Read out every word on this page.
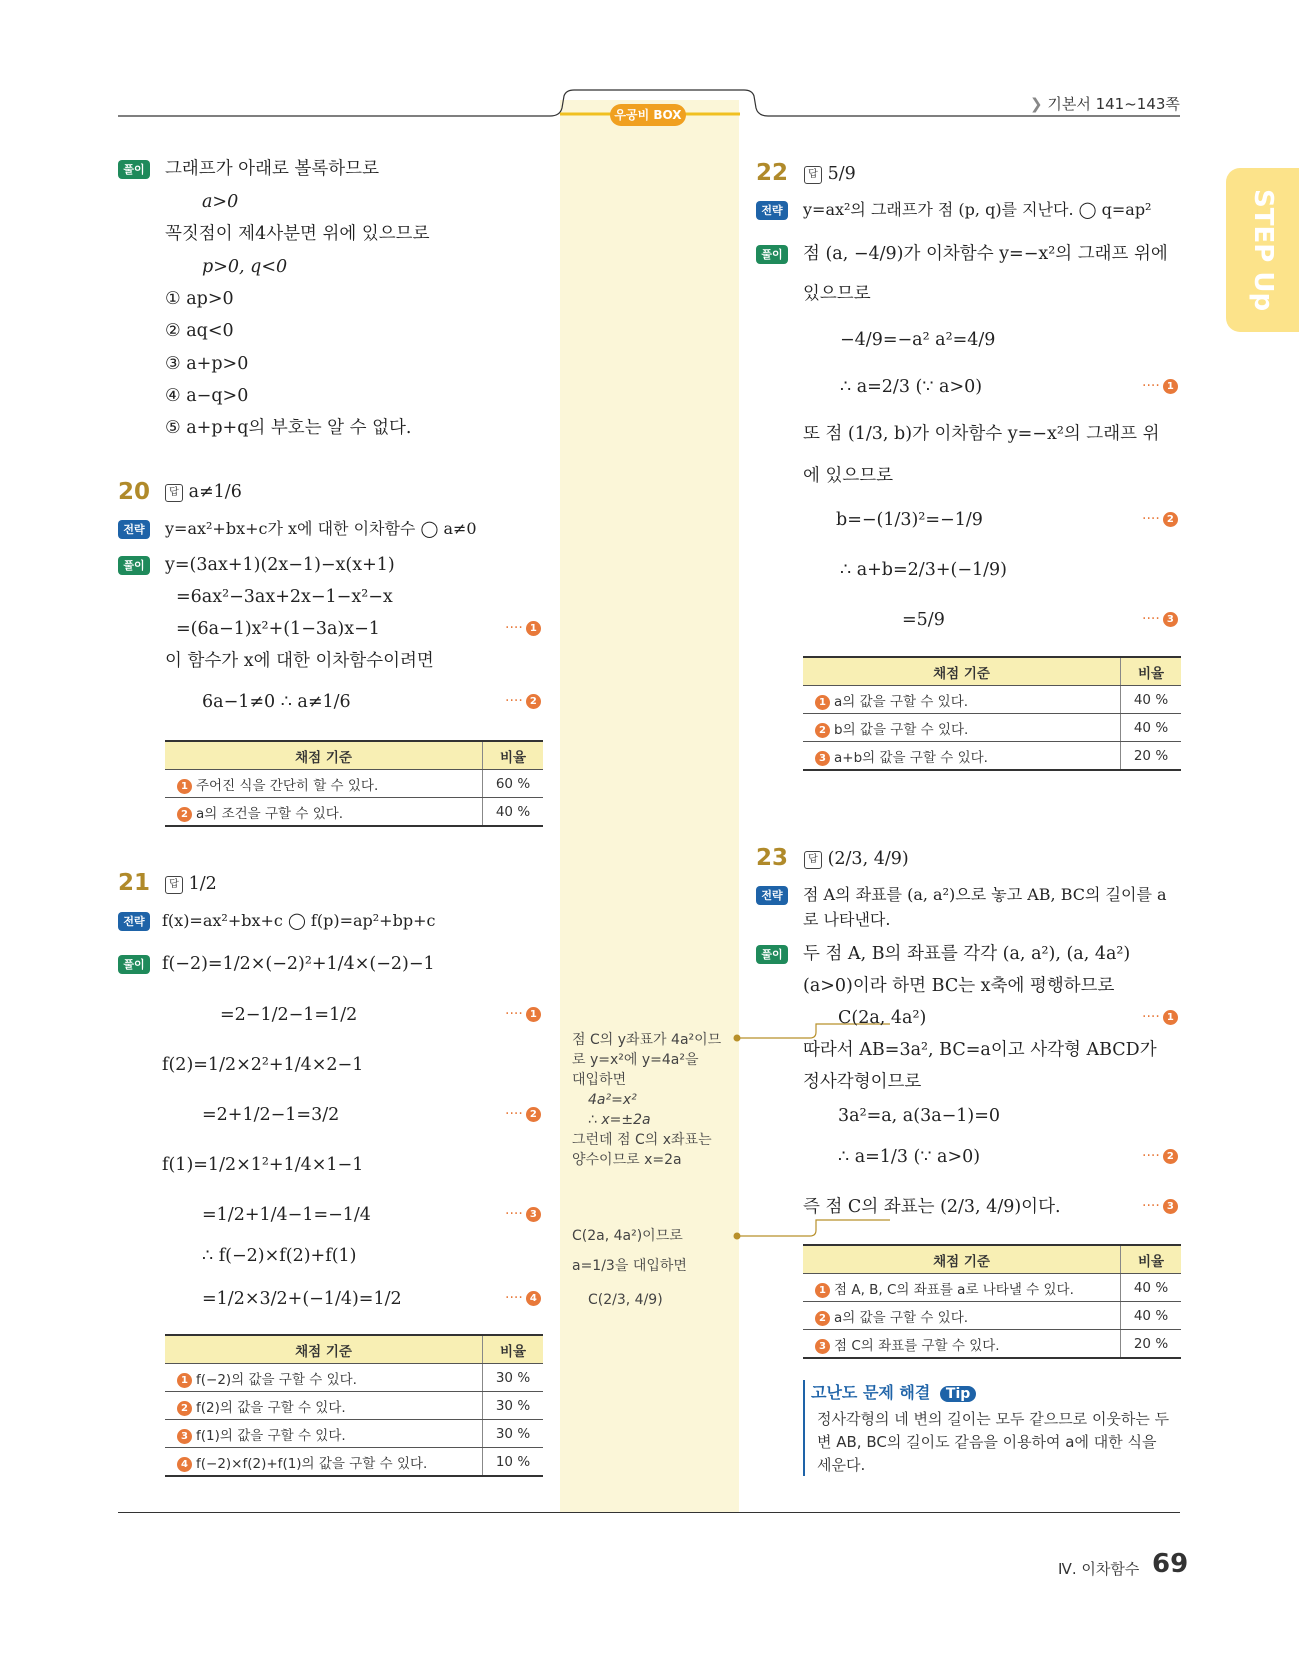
우공비 BOX
❯ 기본서 141~143쪽
STEP Up
풀이	그래프가 아래로 볼록하므로
a>0
꼭짓점이 제4사분면 위에 있으므로
p>0, q<0
① ap>0
② aq<0
③ a+p>0
④ a−q>0
⑤ a+p+q의 부호는 알 수 없다.
20	답 a≠1/6
전략	y=ax²+bx+c가 x에 대한 이차함수 ◯ a≠0
풀이	y=(3ax+1)(2x−1)−x(x+1)
=6ax²−3ax+2x−1−x²−x
=(6a−1)x²+(1−3a)x−1	···· 1
이 함수가 x에 대한 이차함수이려면
6a−1≠0 ∴ a≠1/6	···· 2
채점 기준	비율
1 주어진 식을 간단히 할 수 있다.	60 %
2 a의 조건을 구할 수 있다.	40 %
21	답 1/2
전략	f(x)=ax²+bx+c ◯ f(p)=ap²+bp+c
풀이 f(−2)=1/2×(−2)²+1/4×(−2)−1
=2−1/2−1=1/2	···· 1
f(2)=1/2×2²+1/4×2−1
=2+1/2−1=3/2	···· 2
f(1)=1/2×1²+1/4×1−1
=1/2+1/4−1=−1/4	···· 3
∴ f(−2)×f(2)+f(1)
=1/2×3/2+(−1/4)=1/2	···· 4
채점 기준	비율
1 f(−2)의 값을 구할 수 있다.	30 %
2 f(2)의 값을 구할 수 있다.	30 %
3 f(1)의 값을 구할 수 있다.	30 %
4 f(−2)×f(2)+f(1)의 값을 구할 수 있다.	10 %
점 C의 y좌표가 4a²이므
로 y=x²에 y=4a²을
대입하면
4a²=x²
∴ x=±2a
그런데 점 C의 x좌표는
양수이므로 x=2a
C(2a, 4a²)이므로
a=1/3을 대입하면
C(2/3, 4/9)
22	답 5/9
전략	y=ax²의 그래프가 점 (p, q)를 지난다. ◯ q=ap²
풀이	점 (a, −4/9)가 이차함수 y=−x²의 그래프 위에
있으므로
−4/9=−a² a²=4/9
∴ a=2/3 (∵ a>0)	···· 1
또 점 (1/3, b)가 이차함수 y=−x²의 그래프 위
에 있으므로
b=−(1/3)²=−1/9	···· 2
∴ a+b=2/3+(−1/9)
=5/9	···· 3
채점 기준	비율
1 a의 값을 구할 수 있다.	40 %
2 b의 값을 구할 수 있다.	40 %
3 a+b의 값을 구할 수 있다.	20 %
23	답 (2/3, 4/9)
전략	점 A의 좌표를 (a, a²)으로 놓고 AB, BC의 길이를 a
로 나타낸다.
풀이	두 점 A, B의 좌표를 각각 (a, a²), (a, 4a²)
(a>0)이라 하면 BC는 x축에 평행하므로
C(2a, 4a²)	···· 1
따라서 AB=3a², BC=a이고 사각형 ABCD가
정사각형이므로
3a²=a, a(3a−1)=0
∴ a=1/3 (∵ a>0)	···· 2
즉 점 C의 좌표는 (2/3, 4/9)이다.	···· 3
채점 기준	비율
1 점 A, B, C의 좌표를 a로 나타낼 수 있다.	40 %
2 a의 값을 구할 수 있다.	40 %
3 점 C의 좌표를 구할 수 있다.	20 %
고난도 문제 해결 Tip
정사각형의 네 변의 길이는 모두 같으므로 이웃하는 두
변 AB, BC의 길이도 같음을 이용하여 a에 대한 식을
세운다.
Ⅳ. 이차함수 69
